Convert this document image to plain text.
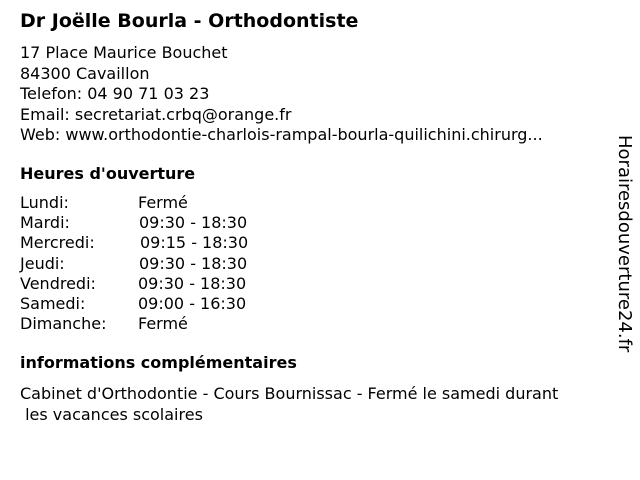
Dr Joëlle Bourla - Orthodontiste
17 Place Maurice Bouchet
84300 Cavaillon
Telefon: 04 90 71 03 23
Email: secretariat.crbq@orange.fr
Web: www.orthodontie-charlois-rampal-bourla-quilichini.chirurg...
Heures d'ouverture
Lundi:	Fermé
Mardi:	09:30 - 18:30
Mercredi:	09:15 - 18:30
Jeudi:	09:30 - 18:30
Vendredi:	09:30 - 18:30
Samedi:	09:00 - 16:30
Dimanche: Fermé
informations complémentaires
Cabinet d'Orthodontie - Cours Bournissac - Fermé le samedi durant
les vacances scolaires
Horairesdouverture24.fr
